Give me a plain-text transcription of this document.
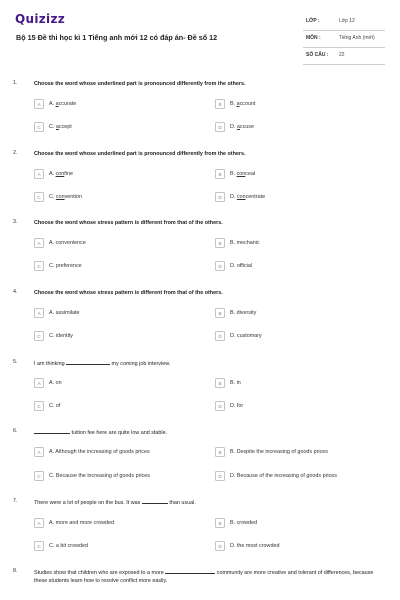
Quizizz
Bộ 15 Đề thi học kì 1 Tiếng anh mới 12 có đáp án- Đề số 12
LỚP :	Lớp 12
MÔN :	Tiếng Anh (mới)
SỐ CÂU : 22
1.	Choose the word whose underlined part is pronounced differently from the others.
A	A. accurate	B	B. account
C	C. accept	D	D. accuse
2.	Choose the word whose underlined part is pronounced differently from the others.
A	A. confine	B	B. conceal
C	C. convention	D	D. concentrate
3.	Choose the word whose stress pattern is different from that of the others.
A	A. convenience	B	B. mechanic
C	C. preference	D	D. official
4.	Choose the word whose stress pattern is different from that of the others.
A	A. assimilate	B	B. diversity
C	C. identity	D	D. customary
5.	I am thinking	my coming job interview.
A	A. on	B	B. in
C	C. of	D	D. for
6.	tuition fee here are quite low and stable.
A	A. Although the increasing of goods prices	B	B. Despite the increasing of goods prices
C	C. Because the increasing of goods prices	D	D. Because of the increasing of goods prices
7.	There were a lot of people on the bus. It was	than usual.
A	A. more and more crowded	B	B. crowded
C	C. a bit crowded	D	D. the most crowded
8.	Studies show that children who are exposed to a more	community are more creative and tolerant of differences, because these students learn how to resolve conflict more easily.
